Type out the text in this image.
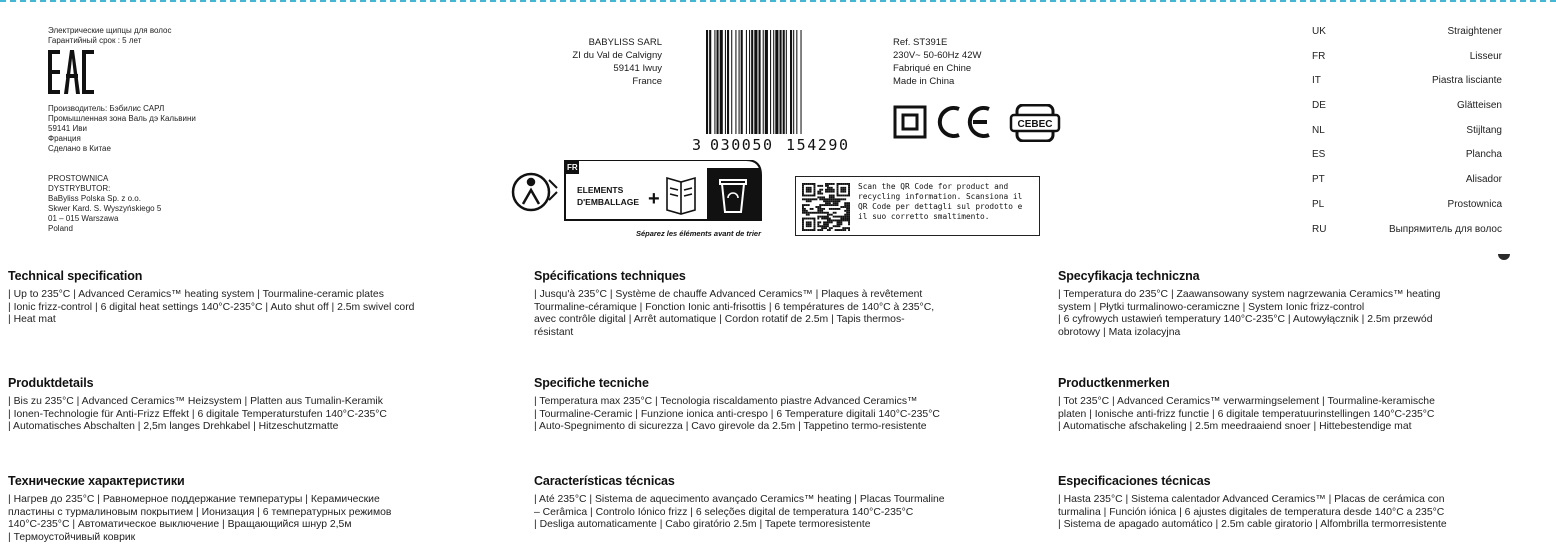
Электрические щипцы для волос
Гарантийный срок : 5 лет
Производитель: Бэбилис САРЛ
Промышленная зона Валь дэ Кальвини
59141 Иви
Франция
Сделано в Китае
PROSTOWNICA
DYSTRYBUTOR:
BaByliss Polska Sp. z o.o.
Skwer Kard. S. Wyszyńskiego 5
01 – 015 Warszawa
Poland
BABYLISS SARL
ZI du Val de Calvigny
59141 Iwuy
France
3 030050 154290
Ref. ST391E
230V~ 50-60Hz 42W
Fabriqué en Chine
Made in China
CEBEC
FR
ELEMENTS
D'EMBALLAGE +
Séparez les éléments avant de trier
Scan the QR Code for product and recycling information. Scansiona il QR Code per dettagli sul prodotto e il suo corretto smaltimento.
UK	Straightener
FR	Lisseur
IT	Piastra lisciante
DE	Glätteisen
NL	Stijltang
ES	Plancha
PT	Alisador
PL	Prostownica
RU	Выпрямитель для волос
Technical specification

| Up to 235°C | Advanced Ceramics™ heating system | Tourmaline-ceramic plates

| Ionic frizz-control | 6 digital heat settings 140°C-235°C | Auto shut off | 2.5m swivel cord

| Heat mat

Produktdetails

| Bis zu 235°C | Advanced Ceramics™ Heizsystem | Platten aus Tumalin-Keramik

| Ionen-Technologie für Anti-Frizz Effekt | 6 digitale Temperaturstufen 140°C-235°C

| Automatisches Abschalten | 2,5m langes Drehkabel | Hitzeschutzmatte

Технические характеристики

| Нагрев до 235°C | Равномерное поддержание температуры | Керамические

пластины с турмалиновым покрытием | Ионизация | 6 температурных режимов

140°C-235°C | Автоматическое выключение | Вращающийся шнур 2,5м

| Термоустойчивый коврик

Spécifications techniques

| Jusqu'à 235°C | Système de chauffe Advanced Ceramics™ | Plaques à revêtement

Tourmaline-céramique | Fonction Ionic anti-frisottis | 6 températures de 140°C à 235°C,

avec contrôle digital | Arrêt automatique | Cordon rotatif de 2.5m | Tapis thermos-

résistant

Specifiche tecniche

| Temperatura max 235°C | Tecnologia riscaldamento piastre Advanced Ceramics™

| Tourmaline-Ceramic | Funzione ionica anti-crespo | 6 Temperature digitali 140°C-235°C

| Auto-Spegnimento di sicurezza | Cavo girevole da 2.5m | Tappetino termo-resistente

Características técnicas

| Até 235°C | Sistema de aquecimento avançado Ceramics™ heating | Placas Tourmaline

– Cerâmica | Controlo Iónico frizz | 6 seleções digital de temperatura 140°C-235°C

| Desliga automaticamente | Cabo giratório 2.5m | Tapete termoresistente

Specyfikacja techniczna

| Temperatura do 235°C | Zaawansowany system nagrzewania Ceramics™ heating

system | Płytki turmalinowo-ceramiczne | System Ionic frizz-control

| 6 cyfrowych ustawień temperatury 140°C-235°C | Autowyłącznik | 2.5m przewód

obrotowy | Mata izolacyjna

Productkenmerken

| Tot 235°C | Advanced Ceramics™ verwarmingselement | Tourmaline-keramische

platen | Ionische anti-frizz functie | 6 digitale temperatuurinstellingen 140°C-235°C

| Automatische afschakeling | 2.5m meedraaiend snoer | Hittebestendige mat

Especificaciones técnicas

| Hasta 235°C | Sistema calentador Advanced Ceramics™ | Placas de cerámica con

turmalina | Función iónica | 6 ajustes digitales de temperatura desde 140°C a 235°C

| Sistema de apagado automático | 2.5m cable giratorio | Alfombrilla termorresistente
